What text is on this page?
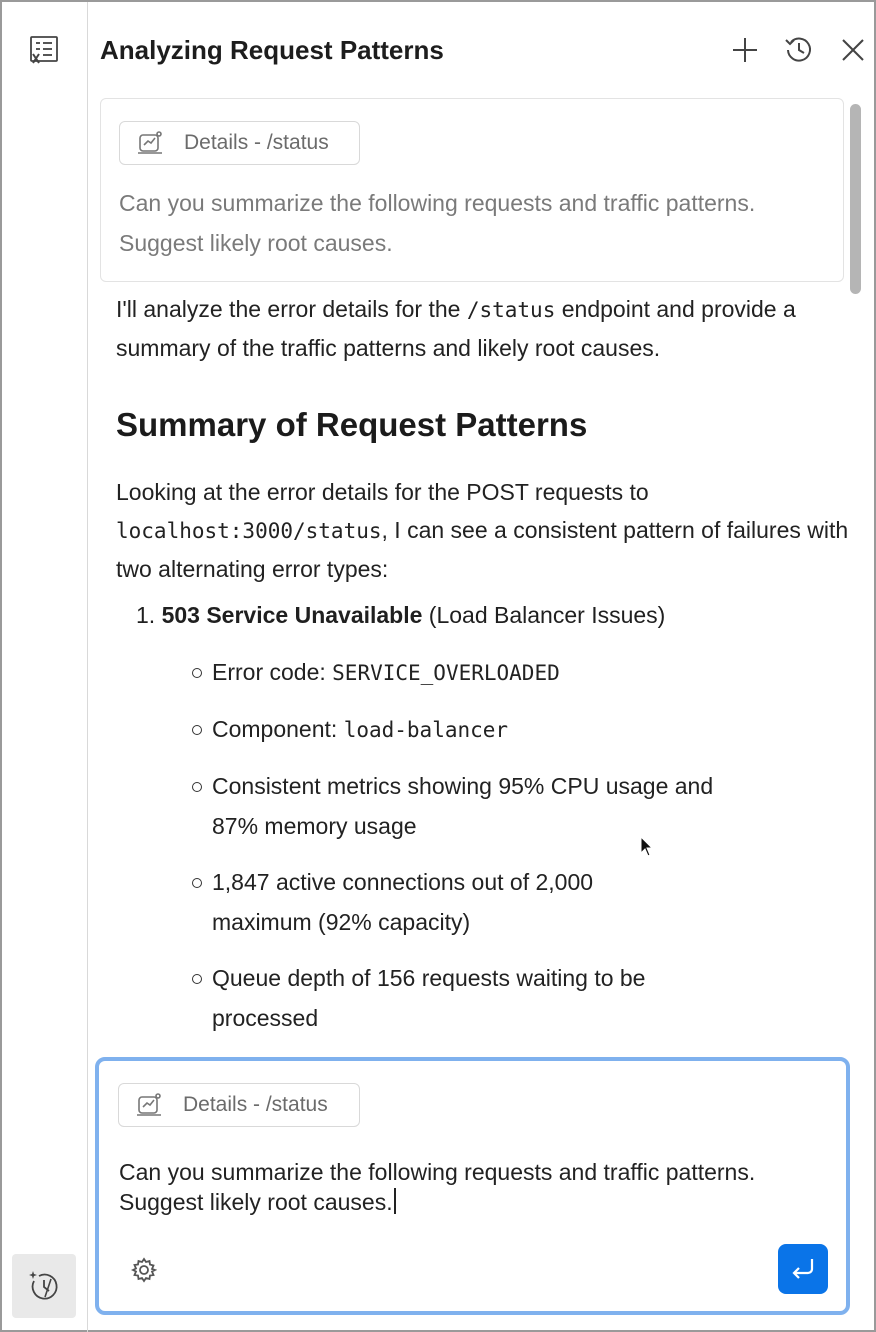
Analyzing Request Patterns
Details - /status
Can you summarize the following requests and traffic patterns. Suggest likely root causes.
I'll analyze the error details for the /status endpoint and provide a summary of the traffic patterns and likely root causes.
Summary of Request Patterns
Looking at the error details for the POST requests to localhost:3000/status, I can see a consistent pattern of failures with two alternating error types:
1. 503 Service Unavailable (Load Balancer Issues)
Error code: SERVICE_OVERLOADED
Component: load-balancer
Consistent metrics showing 95% CPU usage and 87% memory usage
1,847 active connections out of 2,000 maximum (92% capacity)
Queue depth of 156 requests waiting to be processed
Details - /status
Can you summarize the following requests and traffic patterns. Suggest likely root causes.
